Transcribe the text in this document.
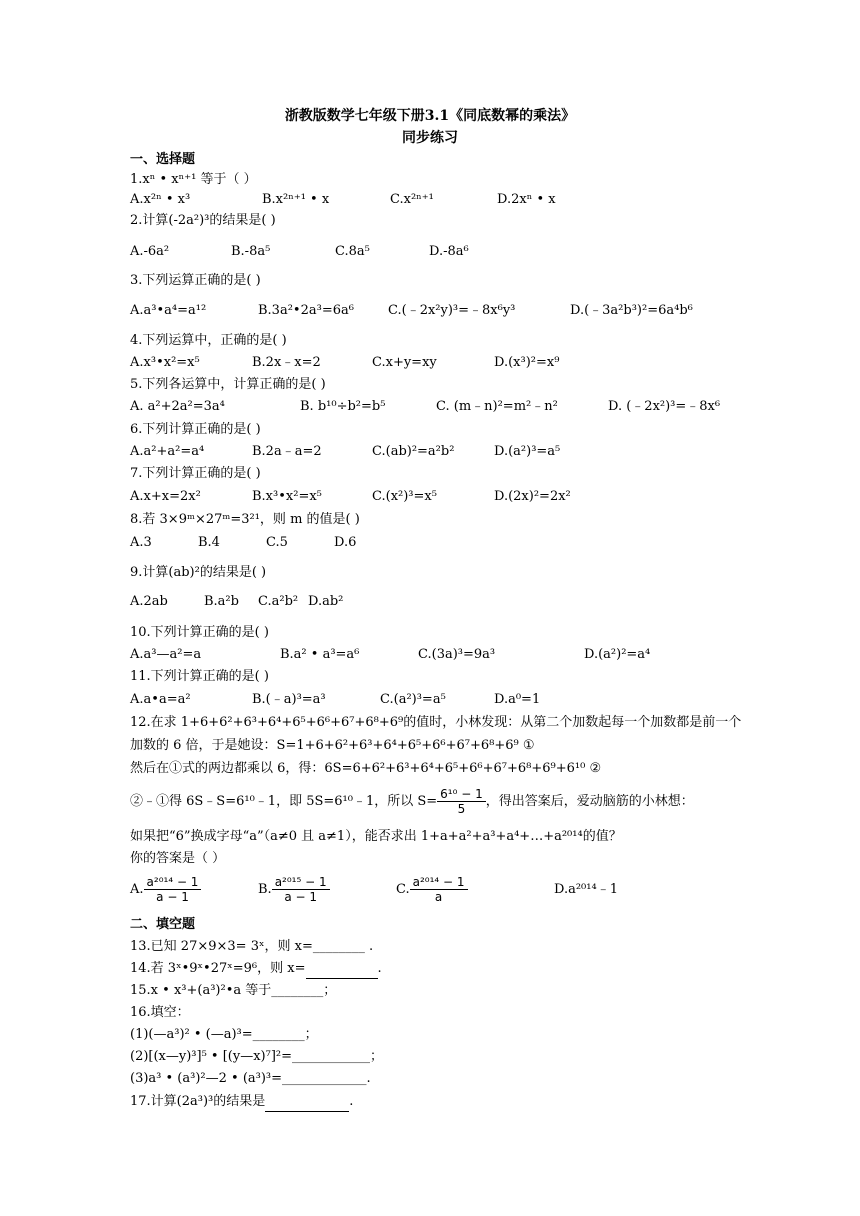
浙教版数学七年级下册3.1《同底数幂的乘法》
同步练习
一、选择题
1.xⁿ • xⁿ⁺¹ 等于（ ）
A.x²ⁿ • x³	B.x²ⁿ⁺¹ • x	C.x²ⁿ⁺¹	D.2xⁿ • x
2.计算(-2a²)³的结果是( )
A.-6a²	B.-8a⁵	C.8a⁵	D.-8a⁶
3.下列运算正确的是( )
A.a³•a⁴=a¹²	B.3a²•2a³=6a⁶	C.(﹣2x²y)³=﹣8x⁶y³	D.(﹣3a²b³)²=6a⁴b⁶
4.下列运算中，正确的是( )
A.x³•x²=x⁵	B.2x﹣x=2	C.x+y=xy	D.(x³)²=x⁹
5.下列各运算中，计算正确的是( )
A. a²+2a²=3a⁴	B. b¹⁰÷b²=b⁵	C. (m﹣n)²=m²﹣n²	D. (﹣2x²)³=﹣8x⁶
6.下列计算正确的是( )
A.a²+a²=a⁴	B.2a﹣a=2	C.(ab)²=a²b²	D.(a²)³=a⁵
7.下列计算正确的是( )
A.x+x=2x²	B.x³•x²=x⁵	C.(x²)³=x⁵	D.(2x)²=2x²
8.若 3×9ᵐ×27ᵐ=3²¹，则 m 的值是( )
A.3	B.4	C.5	D.6
9.计算(ab)²的结果是( )
A.2ab	B.a²b C.a²b² D.ab²
10.下列计算正确的是( )
A.a³—a²=a	B.a² • a³=a⁶	C.(3a)³=9a³	D.(a²)²=a⁴
11.下列计算正确的是( )
A.a•a=a²	B.(﹣a)³=a³	C.(a²)³=a⁵	D.a⁰=1
12.在求 1+6+6²+6³+6⁴+6⁵+6⁶+6⁷+6⁸+6⁹的值时，小林发现：从第二个加数起每一个加数都是前一个
加数的 6 倍，于是她设：S=1+6+6²+6³+6⁴+6⁵+6⁶+6⁷+6⁸+6⁹ ①
然后在①式的两边都乘以 6，得：6S=6+6²+6³+6⁴+6⁵+6⁶+6⁷+6⁸+6⁹+6¹⁰ ②
②﹣①得 6S﹣S=6¹⁰﹣1，即 5S=6¹⁰﹣1，所以 $S= \frac{\text{6¹⁰ − 1}}{5}$ ，得出答案后，爱动脑筋的小林想：
如果把“6”换成字母“a”（a≠0 且 a≠1），能否求出 1+a+a²+a³+a⁴+…+a²⁰¹⁴的值？
你的答案是（ ）
A. $\frac{\text{a²⁰¹⁴ − 1}}{a - 1}$	B. $\frac{\text{a²⁰¹⁵ − 1}}{a - 1}$	C. $\frac{\text{a²⁰¹⁴ − 1}}{a}$	D.a²⁰¹⁴﹣1
二、填空题
13.已知 27×9×3= 3ˣ，则 x=________ .
14.若 3ˣ•9ˣ•27ˣ=9⁶，则 x=	.
15.x • x³+(a³)²•a 等于________；
16.填空：
(1)(—a³)² • (—a)³=________；
(2)[(x—y)³]⁵ • [(y—x)⁷]²=____________；
(3)a³ • (a³)²—2 • (a³)³=_____________.
17.计算(2a³)³的结果是	.
